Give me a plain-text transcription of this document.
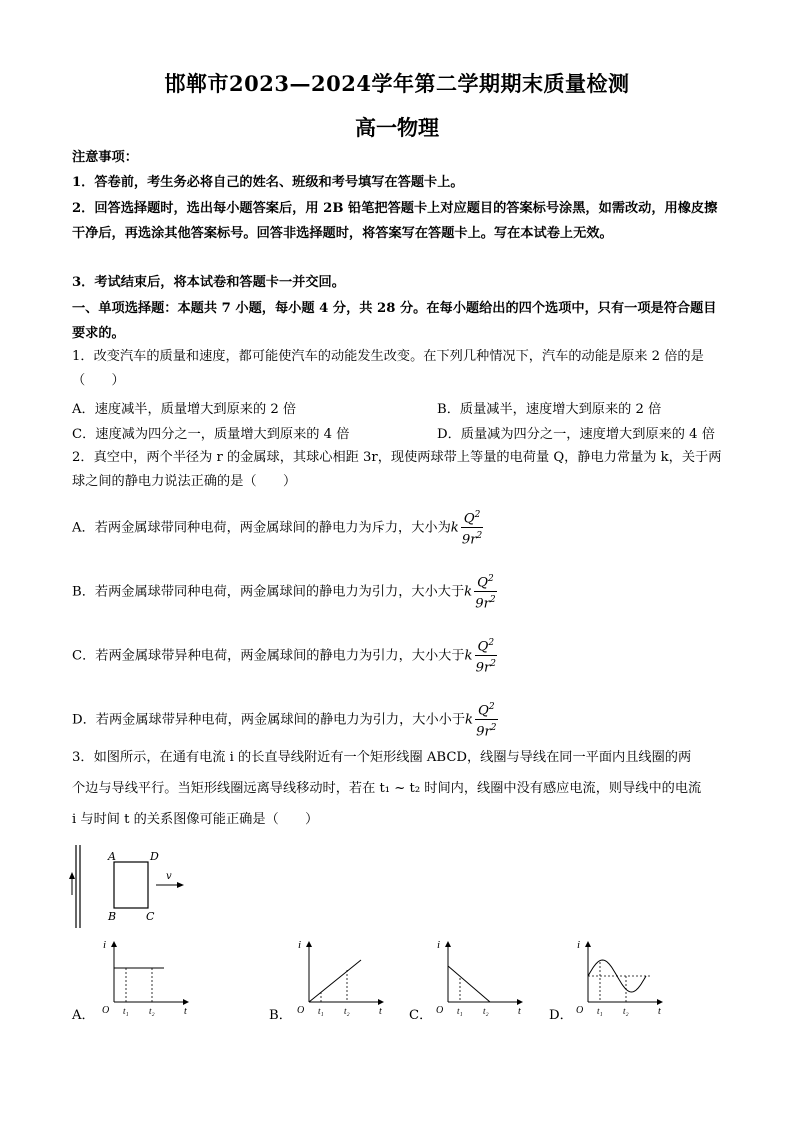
邯郸市2023—2024学年第二学期期末质量检测
高一物理
注意事项：
1．答卷前，考生务必将自己的姓名、班级和考号填写在答题卡上。
2．回答选择题时，选出每小题答案后，用 2B 铅笔把答题卡上对应题目的答案标号涂黑，如需改动，用橡皮擦干净后，再选涂其他答案标号。回答非选择题时，将答案写在答题卡上。写在本试卷上无效。
3．考试结束后，将本试卷和答题卡一并交回。
一、单项选择题：本题共 7 小题，每小题 4 分，共 28 分。在每小题给出的四个选项中，只有一项是符合题目要求的。
1．改变汽车的质量和速度，都可能使汽车的动能发生改变。在下列几种情况下，汽车的动能是原来 2 倍的是（　　）
A．速度减半，质量增大到原来的 2 倍	B．质量减半，速度增大到原来的 2 倍
C．速度减为四分之一，质量增大到原来的 4 倍	D．质量减为四分之一，速度增大到原来的 4 倍
2．真空中，两个半径为 r 的金属球，其球心相距 3r，现使两球带上等量的电荷量 Q，静电力常量为 k，关于两球之间的静电力说法正确的是（　　）
A．若两金属球带同种电荷，两金属球间的静电力为斥力，大小为k $\frac{Q^2}{9r^2}$
B．若两金属球带同种电荷，两金属球间的静电力为引力，大小大于k $\frac{Q^2}{9r^2}$
C．若两金属球带异种电荷，两金属球间的静电力为引力，大小大于k $\frac{Q^2}{9r^2}$
D．若两金属球带异种电荷，两金属球间的静电力为引力，大小小于k $\frac{Q^2}{9r^2}$
3．如图所示，在通有电流 i 的长直导线附近有一个矩形线圈 ABCD，线圈与导线在同一平面内且线圈的两
个边与导线平行。当矩形线圈远离导线移动时，若在 t₁ ~ t₂ 时间内，线圈中没有感应电流，则导线中的电流
i 与时间 t 的关系图像可能正确是（　　）
A	D
B	C
v
i
O t₁ t₂	t
i
O t₁ t₂	t
i
O t₁ t₂	t
i
O t₁ t₂	t
A．	B．	C．	D．
